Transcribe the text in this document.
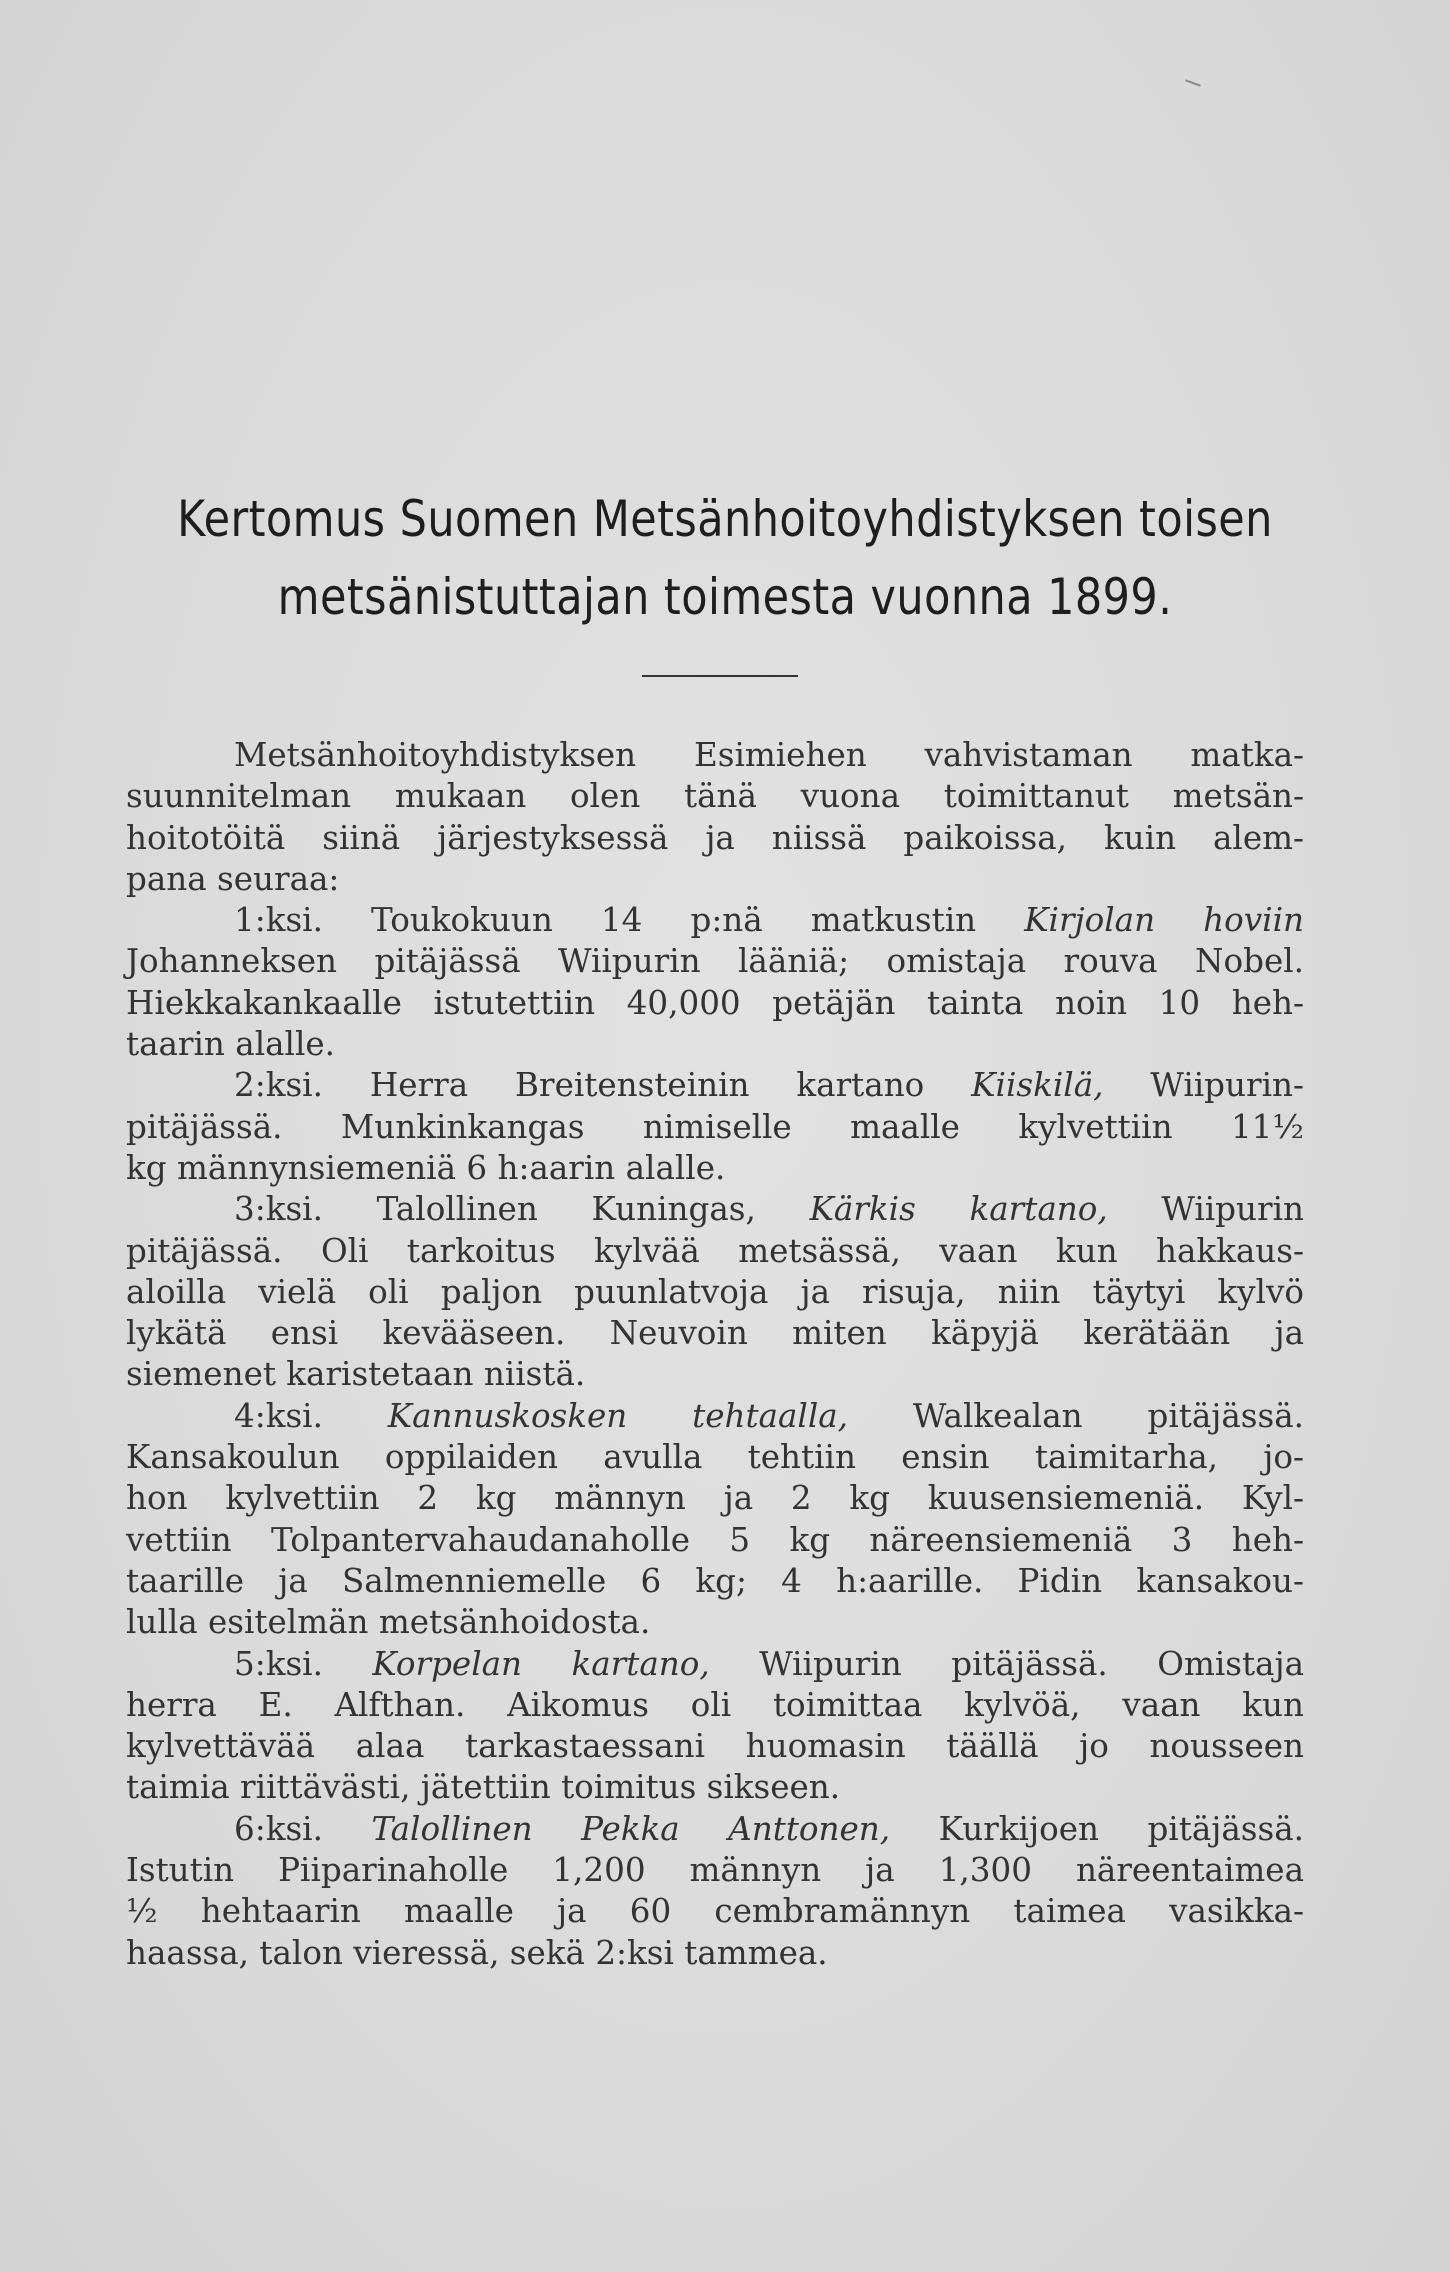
Kertomus Suomen Metsänhoitoyhdistyksen toisen
metsänistuttajan toimesta vuonna 1899.
Metsänhoitoyhdistyksen Esimiehen vahvistaman matka-
suunnitelman mukaan olen tänä vuona toimittanut metsän-
hoitotöitä siinä järjestyksessä ja niissä paikoissa, kuin alem-
pana seuraa:
1:ksi. Toukokuun 14 p:nä matkustin Kirjolan hoviin
Johanneksen pitäjässä Wiipurin lääniä; omistaja rouva Nobel.
Hiekkakankaalle istutettiin 40,000 petäjän tainta noin 10 heh-
taarin alalle.
2:ksi. Herra Breitensteinin kartano Kiiskilä, Wiipurin-
pitäjässä. Munkinkangas nimiselle maalle kylvettiin 11½
kg männynsiemeniä 6 h:aarin alalle.
3:ksi. Talollinen Kuningas, Kärkis kartano, Wiipurin
pitäjässä. Oli tarkoitus kylvää metsässä, vaan kun hakkaus-
aloilla vielä oli paljon puunlatvoja ja risuja, niin täytyi kylvö
lykätä ensi kevääseen. Neuvoin miten käpyjä kerätään ja
siemenet karistetaan niistä.
4:ksi. Kannuskosken tehtaalla, Walkealan pitäjässä.
Kansakoulun oppilaiden avulla tehtiin ensin taimitarha, jo-
hon kylvettiin 2 kg männyn ja 2 kg kuusensiemeniä. Kyl-
vettiin Tolpantervahaudanaholle 5 kg näreensiemeniä 3 heh-
taarille ja Salmenniemelle 6 kg; 4 h:aarille. Pidin kansakou-
lulla esitelmän metsänhoidosta.
5:ksi. Korpelan kartano, Wiipurin pitäjässä. Omistaja
herra E. Alfthan. Aikomus oli toimittaa kylvöä, vaan kun
kylvettävää alaa tarkastaessani huomasin täällä jo nousseen
taimia riittävästi, jätettiin toimitus sikseen.
6:ksi. Talollinen Pekka Anttonen, Kurkijoen pitäjässä.
Istutin Piiparinaholle 1,200 männyn ja 1,300 näreentaimea
½ hehtaarin maalle ja 60 cembramännyn taimea vasikka-
haassa, talon vieressä, sekä 2:ksi tammea.
